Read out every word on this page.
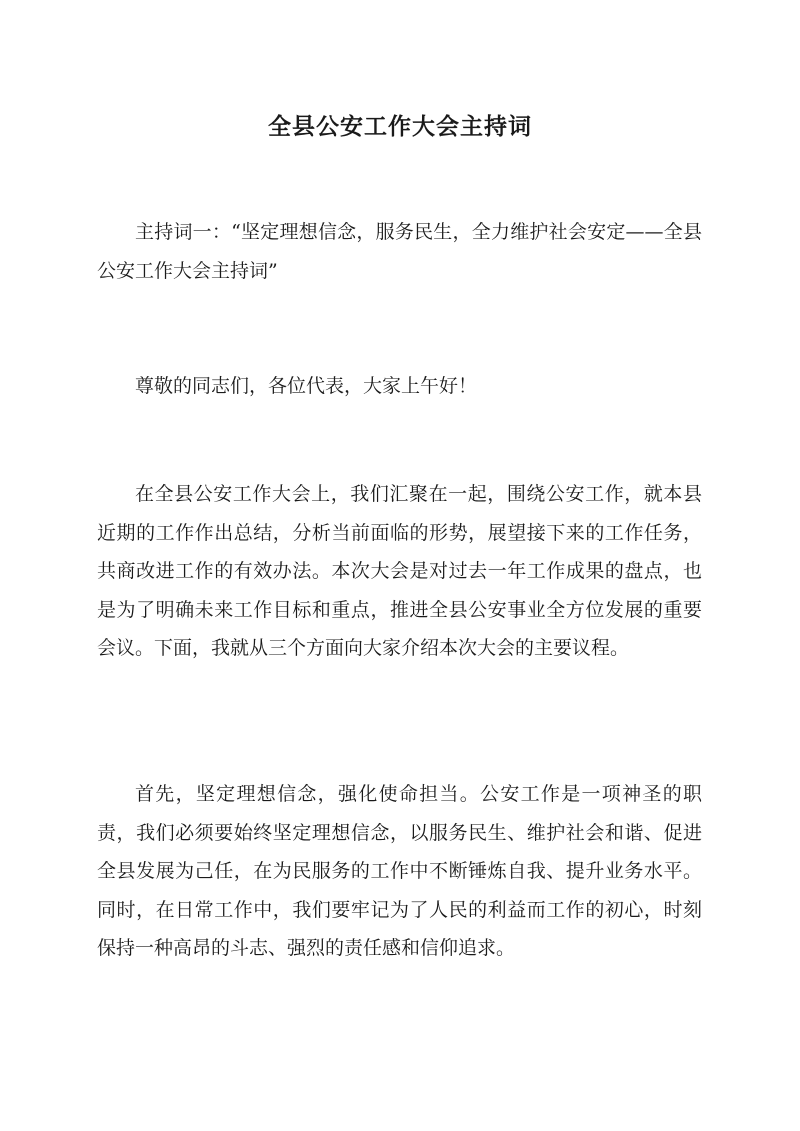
全县公安工作大会主持词

主持词一：“坚定理想信念，服务民生，全力维护社会安定——全县公安工作大会主持词”

尊敬的同志们，各位代表，大家上午好！

在全县公安工作大会上，我们汇聚在一起，围绕公安工作，就本县近期的工作作出总结，分析当前面临的形势，展望接下来的工作任务，共商改进工作的有效办法。本次大会是对过去一年工作成果的盘点，也是为了明确未来工作目标和重点，推进全县公安事业全方位发展的重要会议。下面，我就从三个方面向大家介绍本次大会的主要议程。

首先，坚定理想信念，强化使命担当。公安工作是一项神圣的职责，我们必须要始终坚定理想信念，以服务民生、维护社会和谐、促进全县发展为己任，在为民服务的工作中不断锤炼自我、提升业务水平。同时，在日常工作中，我们要牢记为了人民的利益而工作的初心，时刻保持一种高昂的斗志、强烈的责任感和信仰追求。
